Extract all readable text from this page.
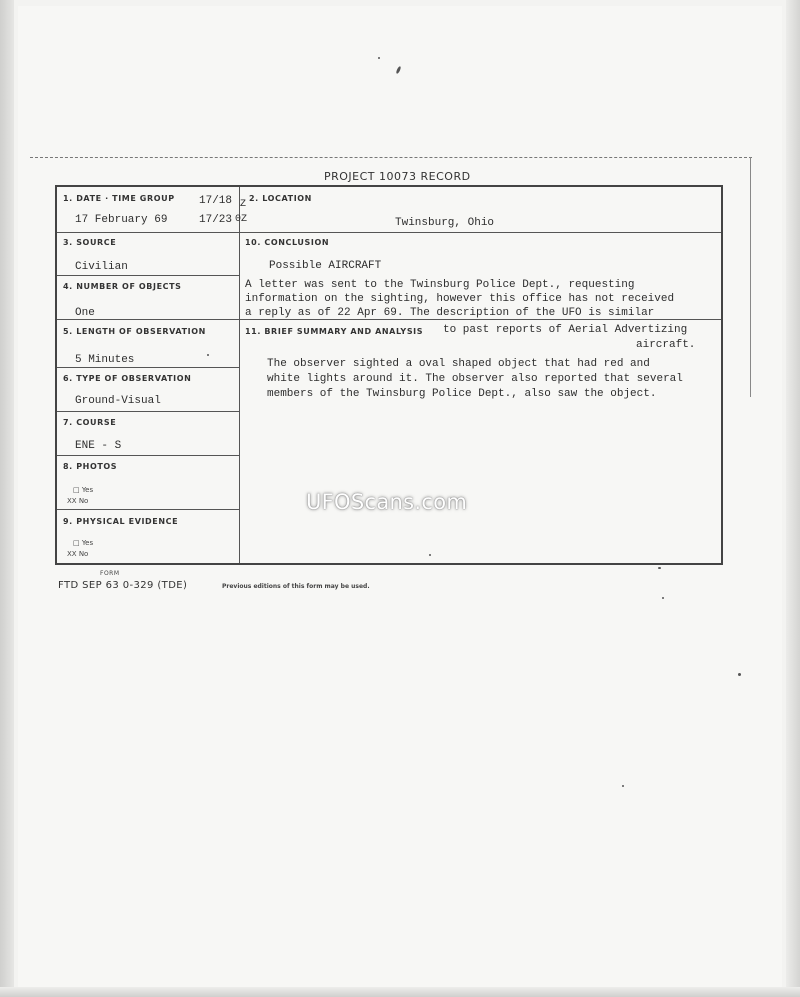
PROJECT 10073 RECORD
1. DATE · TIME GROUP 17/18 Z
17 February 69	17/23 0Z
2. LOCATION
Twinsburg, Ohio
3. SOURCE
Civilian
4. NUMBER OF OBJECTS
One
5. LENGTH OF OBSERVATION
5 Minutes
6. TYPE OF OBSERVATION
Ground-Visual
7. COURSE
ENE - S
8. PHOTOS
□ Yes
XX No
9. PHYSICAL EVIDENCE
□ Yes
XX No
10. CONCLUSION
Possible AIRCRAFT
A letter was sent to the Twinsburg Police Dept., requesting
information on the sighting, however this office has not received
a reply as of 22 Apr 69. The description of the UFO is similar
11. BRIEF SUMMARY AND ANALYSIS to past reports of Aerial Advertizing
aircraft.
The observer sighted a oval shaped object that had red and
white lights around it. The observer also reported that several
members of the Twinsburg Police Dept., also saw the object.
FORM
FTD SEP 63 0-329 (TDE)	Previous editions of this form may be used.
UFOScans.com
